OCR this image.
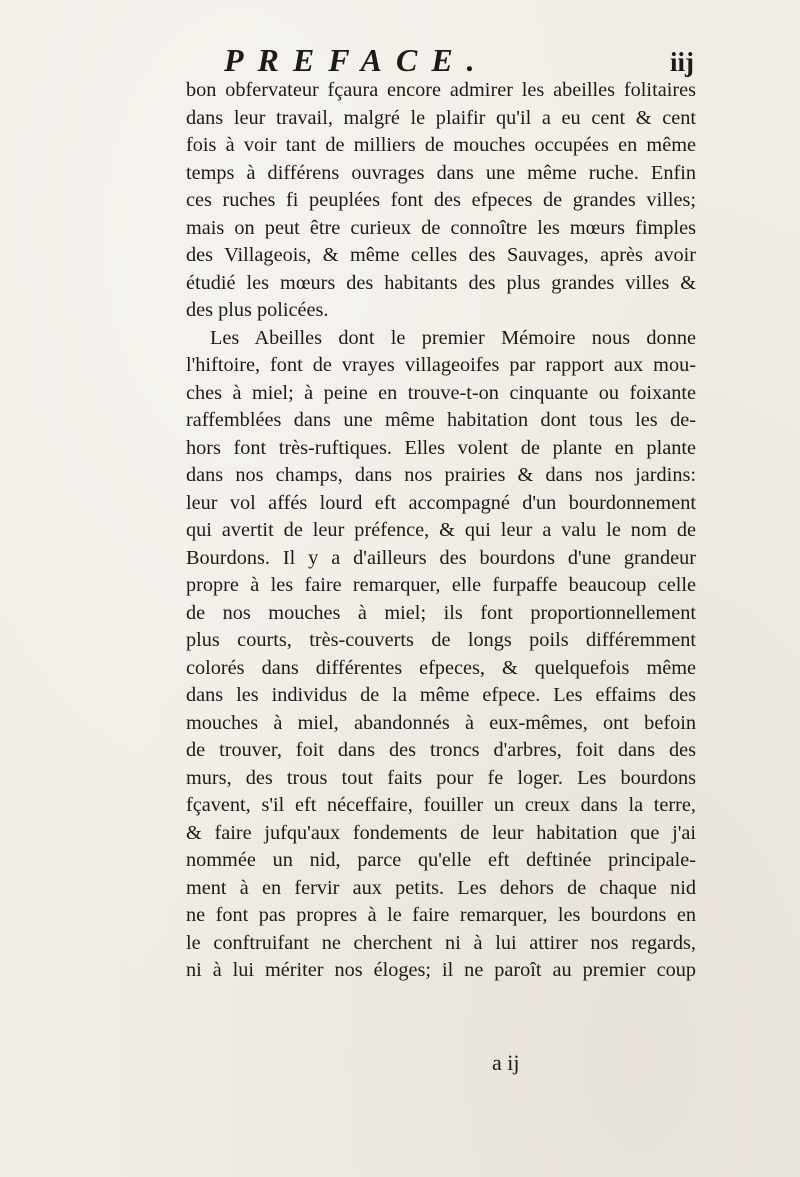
PREFACE.	iij
bon obfervateur fçaura encore admirer les abeilles folitaires
dans leur travail, malgré le plaifir qu'il a eu cent & cent
fois à voir tant de milliers de mouches occupées en même
temps à différens ouvrages dans une même ruche. Enfin
ces ruches fi peuplées font des efpeces de grandes villes;
mais on peut être curieux de connoître les mœurs fimples
des Villageois, & même celles des Sauvages, après avoir
étudié les mœurs des habitants des plus grandes villes &
des plus policées.
Les Abeilles dont le premier Mémoire nous donne
l'hiftoire, font de vrayes villageoifes par rapport aux mou-
ches à miel; à peine en trouve-t-on cinquante ou foixante
raffemblées dans une même habitation dont tous les de-
hors font très-ruftiques. Elles volent de plante en plante
dans nos champs, dans nos prairies & dans nos jardins:
leur vol affés lourd eft accompagné d'un bourdonnement
qui avertit de leur préfence, & qui leur a valu le nom de
Bourdons. Il y a d'ailleurs des bourdons d'une grandeur
propre à les faire remarquer, elle furpaffe beaucoup celle
de nos mouches à miel; ils font proportionnellement
plus courts, très-couverts de longs poils différemment
colorés dans différentes efpeces, & quelquefois même
dans les individus de la même efpece. Les effaims des
mouches à miel, abandonnés à eux-mêmes, ont befoin
de trouver, foit dans des troncs d'arbres, foit dans des
murs, des trous tout faits pour fe loger. Les bourdons
fçavent, s'il eft néceffaire, fouiller un creux dans la terre,
& faire jufqu'aux fondements de leur habitation que j'ai
nommée un nid, parce qu'elle eft deftinée principale-
ment à en fervir aux petits. Les dehors de chaque nid
ne font pas propres à le faire remarquer, les bourdons en
le conftruifant ne cherchent ni à lui attirer nos regards,
ni à lui mériter nos éloges; il ne paroît au premier coup
a ij
